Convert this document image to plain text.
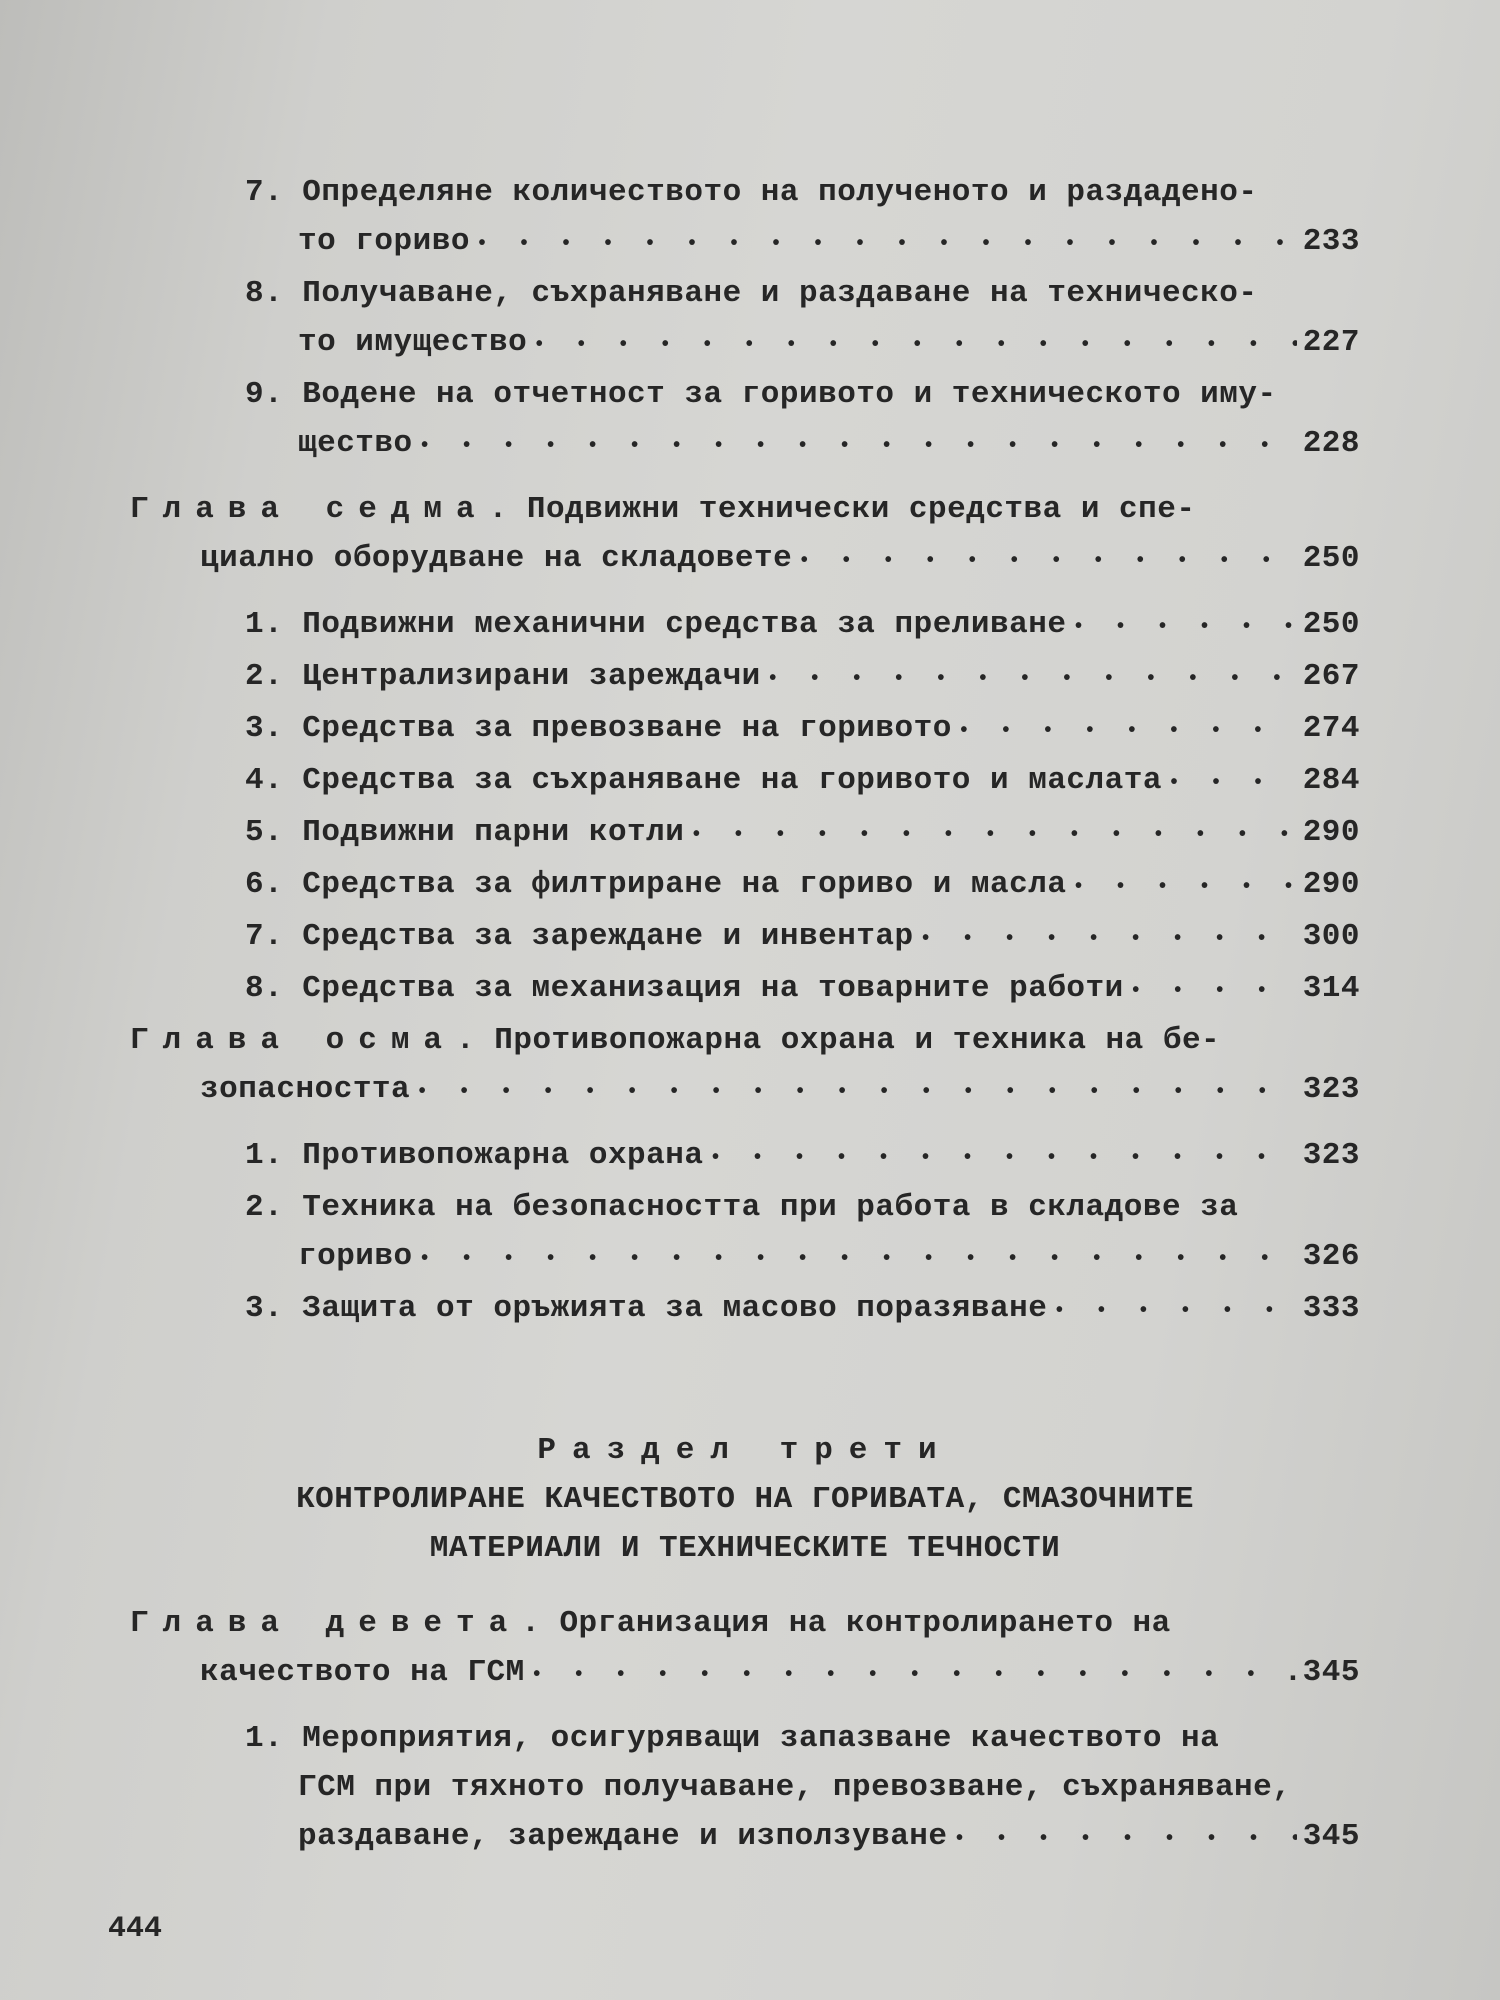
7. Определяне количеството на полученото и раздадено-
то гориво • • •	233
8. Получаване, съхраняване и раздаване на техническо-
то имущество • • •	227
9. Водене на отчетност за горивото и техническото иму-
щество • • •	228
Глава седма . Подвижни технически средства и спе-
циално оборудване на складовете • • •	250
1. Подвижни механични средства за преливане • • •	250
2. Централизирани зареждачи • • •	267
3. Средства за превозване на горивото • • •	274
4. Средства за съхраняване на горивото и маслата • • •	284
5. Подвижни парни котли • • •	290
6. Средства за филтриране на гориво и масла • • •	290
7. Средства за зареждане и инвентар • • •	300
8. Средства за механизация на товарните работи • • •	314
Глава осма . Противопожарна охрана и техника на бе-
зопасността • • •	323
1. Противопожарна охрана • • •	323
2. Техника на безопасността при работа в складове за
гориво • • •	326
3. Защита от оръжията за масово поразяване • • •	333
Раздел трети
КОНТРОЛИРАНЕ КАЧЕСТВОТО НА ГОРИВАТА, СМАЗОЧНИТЕ
МАТЕРИАЛИ И ТЕХНИЧЕСКИТЕ ТЕЧНОСТИ
Глава девета . Организация на контролирането на
качеството на ГСМ • • •	.345
1. Мероприятия, осигуряващи запазване качеството на
ГСМ при тяхното получаване, превозване, съхраняване,
раздаване, зареждане и използуване • • •	345
444
